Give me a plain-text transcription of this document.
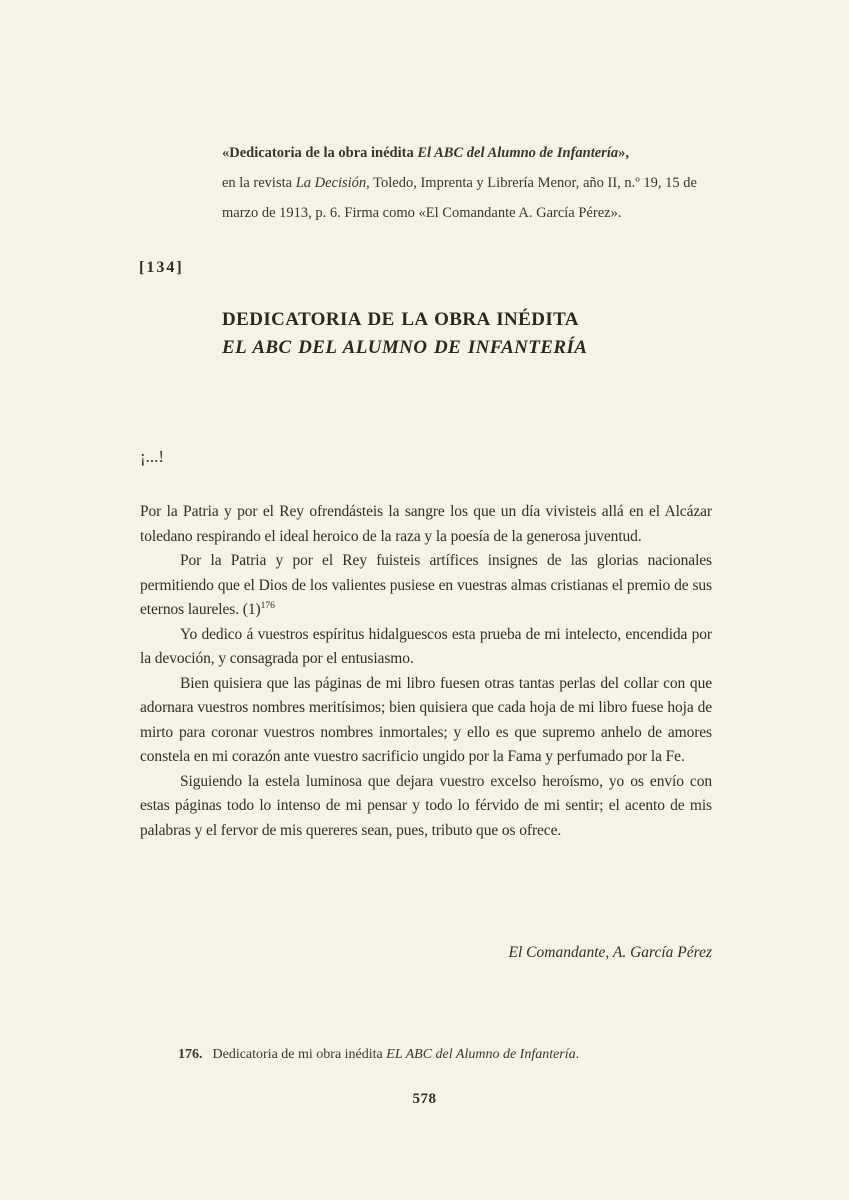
«Dedicatoria de la obra inédita El ABC del Alumno de Infantería»,
en la revista La Decisión, Toledo, Imprenta y Librería Menor, año II, n.º 19, 15 de
marzo de 1913, p. 6. Firma como «El Comandante A. García Pérez».
[134]
DEDICATORIA DE LA OBRA INÉDITA
EL ABC DEL ALUMNO DE INFANTERÍA
¡...!

Por la Patria y por el Rey ofrendásteis la sangre los que un día vivisteis allá en el Alcázar toledano respirando el ideal heroico de la raza y la poesía de la generosa juventud.

Por la Patria y por el Rey fuisteis artífices insignes de las glorias nacionales permitiendo que el Dios de los valientes pusiese en vuestras almas cristianas el premio de sus eternos laureles. $(1)^{176}$

Yo dedico á vuestros espíritus hidalguescos esta prueba de mi intelecto, encendida por la devoción, y consagrada por el entusiasmo.

Bien quisiera que las páginas de mi libro fuesen otras tantas perlas del collar con que adornara vuestros nombres meritísimos; bien quisiera que cada hoja de mi libro fuese hoja de mirto para coronar vuestros nombres inmortales; y ello es que supremo anhelo de amores constela en mi corazón ante vuestro sacrificio ungido por la Fama y perfumado por la Fe.

Siguiendo la estela luminosa que dejara vuestro excelso heroísmo, yo os envío con estas páginas todo lo intenso de mi pensar y todo lo férvido de mi sentir; el acento de mis palabras y el fervor de mis quereres sean, pues, tributo que os ofrece.

El Comandante, A. García Pérez
176. Dedicatoria de mi obra inédita EL ABC del Alumno de Infantería.
578
